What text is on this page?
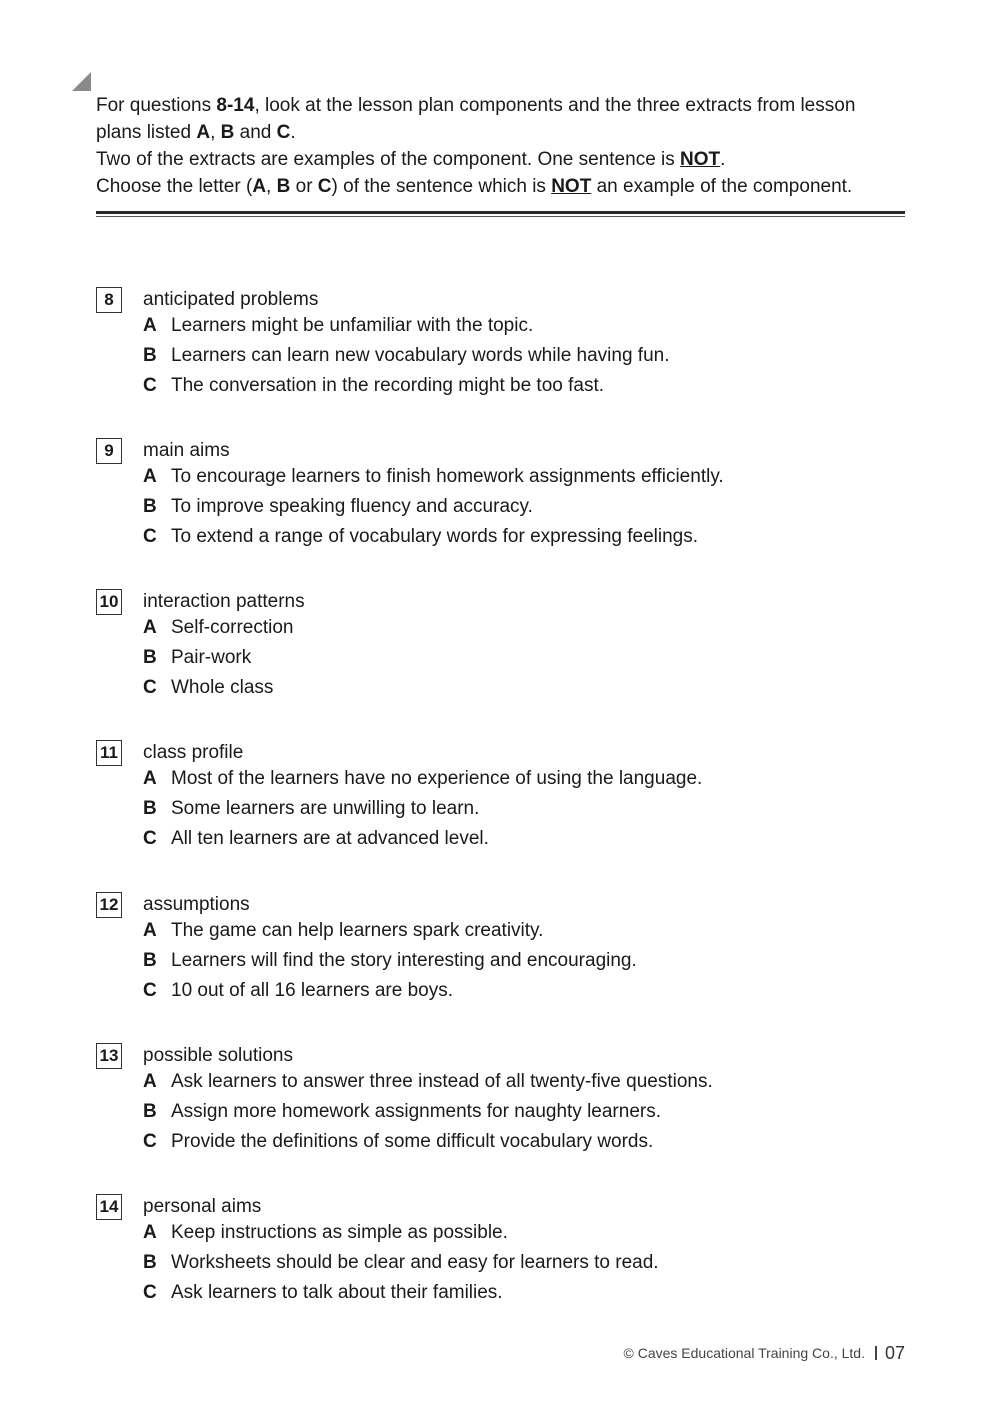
For questions 8-14, look at the lesson plan components and the three extracts from lesson

plans listed A, B and C.

Two of the extracts are examples of the component. One sentence is NOT.

Choose the letter (A, B or C) of the sentence which is NOT an example of the component.

8	anticipated problems
A Learners might be unfamiliar with the topic.
B Learners can learn new vocabulary words while having fun.
C The conversation in the recording might be too fast.
9	main aims
A To encourage learners to finish homework assignments efficiently.
B To improve speaking fluency and accuracy.
C To extend a range of vocabulary words for expressing feelings.
10 interaction patterns
A Self-correction
B Pair-work
C Whole class
11 class profile
A Most of the learners have no experience of using the language.
B Some learners are unwilling to learn.
C All ten learners are at advanced level.
12 assumptions
A The game can help learners spark creativity.
B Learners will find the story interesting and encouraging.
C 10 out of all 16 learners are boys.
13 possible solutions
A Ask learners to answer three instead of all twenty-five questions.
B Assign more homework assignments for naughty learners.
C Provide the definitions of some difficult vocabulary words.
14 personal aims
A Keep instructions as simple as possible.
B Worksheets should be clear and easy for learners to read.
C Ask learners to talk about their families.
© Caves Educational Training Co., Ltd. 07
